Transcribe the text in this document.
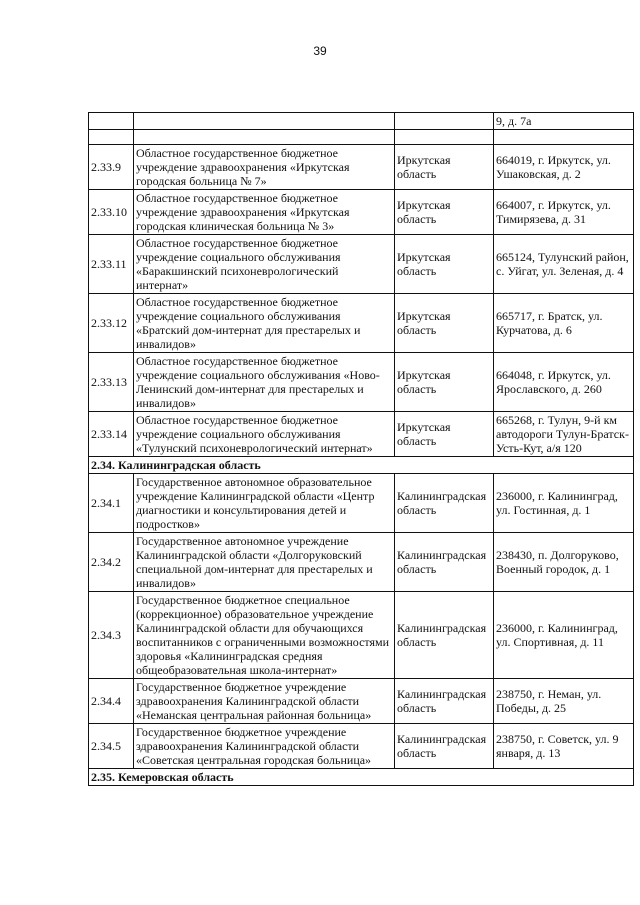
39
			9, д. 7а

2.33.9	Областное государственное бюджетное учреждение здравоохранения «Иркутская городская больница № 7»	Иркутская область	664019, г. Иркутск, ул. Ушаковская, д. 2
2.33.10	Областное государственное бюджетное учреждение здравоохранения «Иркутская городская клиническая больница № 3»	Иркутская область	664007, г. Иркутск, ул. Тимирязева, д. 31
2.33.11	Областное государственное бюджетное учреждение социального обслуживания «Баракшинский психоневрологический интернат»	Иркутская область	665124, Тулунский район, с. Уйгат, ул. Зеленая, д. 4
2.33.12	Областное государственное бюджетное учреждение социального обслуживания «Братский дом-интернат для престарелых и инвалидов»	Иркутская область	665717, г. Братск, ул. Курчатова, д. 6
2.33.13	Областное государственное бюджетное учреждение социального обслуживания «Ново-Ленинский дом-интернат для престарелых и инвалидов»	Иркутская область	664048, г. Иркутск, ул. Ярославского, д. 260
2.33.14	Областное государственное бюджетное учреждение социального обслуживания «Тулунский психоневрологический интернат»	Иркутская область	665268, г. Тулун, 9-й км автодороги Тулун-Братск-Усть-Кут, а/я 120
2.34. Калининградская область			
2.34.1	Государственное автономное образовательное учреждение Калининградской области «Центр диагностики и консультирования детей и подростков»	Калининградская область	236000, г. Калининград, ул. Гостинная, д. 1
2.34.2	Государственное автономное учреждение Калининградской области «Долгоруковский специальной дом-интернат для престарелых и инвалидов»	Калининградская область	238430, п. Долгоруково, Военный городок, д. 1
2.34.3	Государственное бюджетное специальное (коррекционное) образовательное учреждение Калининградской области для обучающихся воспитанников с ограниченными возможностями здоровья «Калининградская средняя общеобразовательная школа-интернат»	Калининградская область	236000, г. Калининград, ул. Спортивная, д. 11
2.34.4	Государственное бюджетное учреждение здравоохранения Калининградской области «Неманская центральная районная больница»	Калининградская область	238750, г. Неман, ул. Победы, д. 25
2.34.5	Государственное бюджетное учреждение здравоохранения Калининградской области «Советская центральная городская больница»	Калининградская область	238750, г. Советск, ул. 9 января, д. 13
2.35. Кемеровская область			
